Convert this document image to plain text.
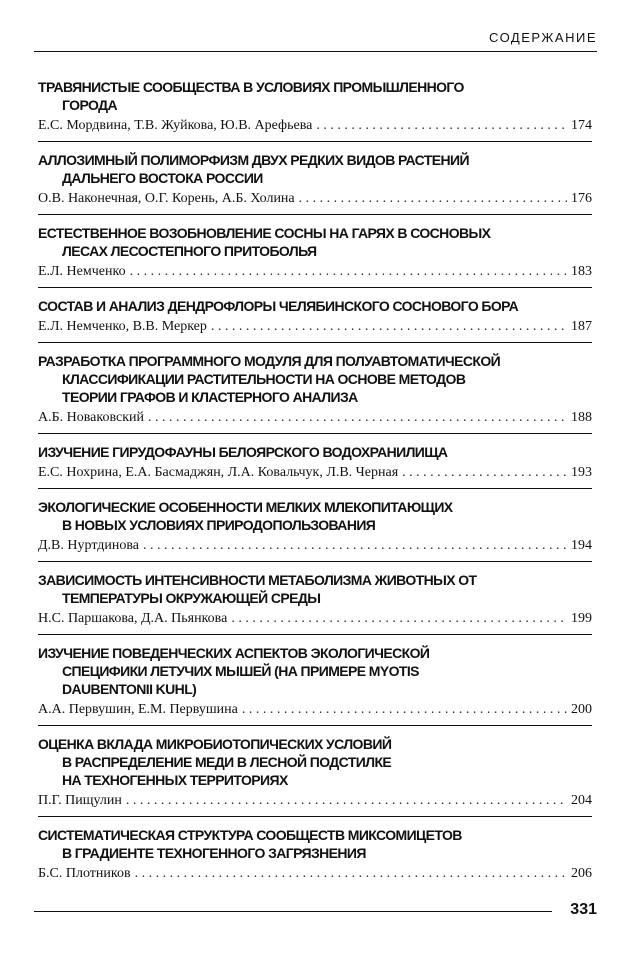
СОДЕРЖАНИЕ
ТРАВЯНИСТЫЕ СООБЩЕСТВА В УСЛОВИЯХ ПРОМЫШЛЕННОГО
ГОРОДА
Е.С. Мордвина, Т.В. Жуйкова, Ю.В. Арефьева . . .	174
АЛЛОЗИМНЫЙ ПОЛИМОРФИЗМ ДВУХ РЕДКИХ ВИДОВ РАСТЕНИЙ
ДАЛЬНЕГО ВОСТОКА РОССИИ
О.В. Наконечная, О.Г. Корень, А.Б. Холина . . .	176
ЕСТЕСТВЕННОЕ ВОЗОБНОВЛЕНИЕ СОСНЫ НА ГАРЯХ В СОСНОВЫХ
ЛЕСАХ ЛЕСОСТЕПНОГО ПРИТОБОЛЬЯ
Е.Л. Немченко . . .	183
СОСТАВ И АНАЛИЗ ДЕНДРОФЛОРЫ ЧЕЛЯБИНСКОГО СОСНОВОГО БОРА
Е.Л. Немченко, В.В. Меркер . . .	187
РАЗРАБОТКА ПРОГРАММНОГО МОДУЛЯ ДЛЯ ПОЛУАВТОМАТИЧЕСКОЙ
КЛАССИФИКАЦИИ РАСТИТЕЛЬНОСТИ НА ОСНОВЕ МЕТОДОВ
ТЕОРИИ ГРАФОВ И КЛАСТЕРНОГО АНАЛИЗА
А.Б. Новаковский . . .	188
ИЗУЧЕНИЕ ГИРУДОФАУНЫ БЕЛОЯРСКОГО ВОДОХРАНИЛИЩА
Е.С. Нохрина, Е.А. Басмаджян, Л.А. Ковальчук, Л.В. Черная . . .	193
ЭКОЛОГИЧЕСКИЕ ОСОБЕННОСТИ МЕЛКИХ МЛЕКОПИТАЮЩИХ
В НОВЫХ УСЛОВИЯХ ПРИРОДОПОЛЬЗОВАНИЯ
Д.В. Нуртдинова . . .	194
ЗАВИСИМОСТЬ ИНТЕНСИВНОСТИ МЕТАБОЛИЗМА ЖИВОТНЫХ ОТ
ТЕМПЕРАТУРЫ ОКРУЖАЮЩЕЙ СРЕДЫ
Н.С. Паршакова, Д.А. Пьянкова . . .	199
ИЗУЧЕНИЕ ПОВЕДЕНЧЕСКИХ АСПЕКТОВ ЭКОЛОГИЧЕСКОЙ
СПЕЦИФИКИ ЛЕТУЧИХ МЫШЕЙ (НА ПРИМЕРЕ MYOTIS
DAUBENTONII KUHL)
А.А. Первушин, Е.М. Первушина . . .	200
ОЦЕНКА ВКЛАДА МИКРОБИОТОПИЧЕСКИХ УСЛОВИЙ
В РАСПРЕДЕЛЕНИЕ МЕДИ В ЛЕСНОЙ ПОДСТИЛКЕ
НА ТЕХНОГЕННЫХ ТЕРРИТОРИЯХ
П.Г. Пищулин . . .	204
СИСТЕМАТИЧЕСКАЯ СТРУКТУРА СООБЩЕСТВ МИКСОМИЦЕТОВ
В ГРАДИЕНТЕ ТЕХНОГЕННОГО ЗАГРЯЗНЕНИЯ
Б.С. Плотников . . .	206
331
